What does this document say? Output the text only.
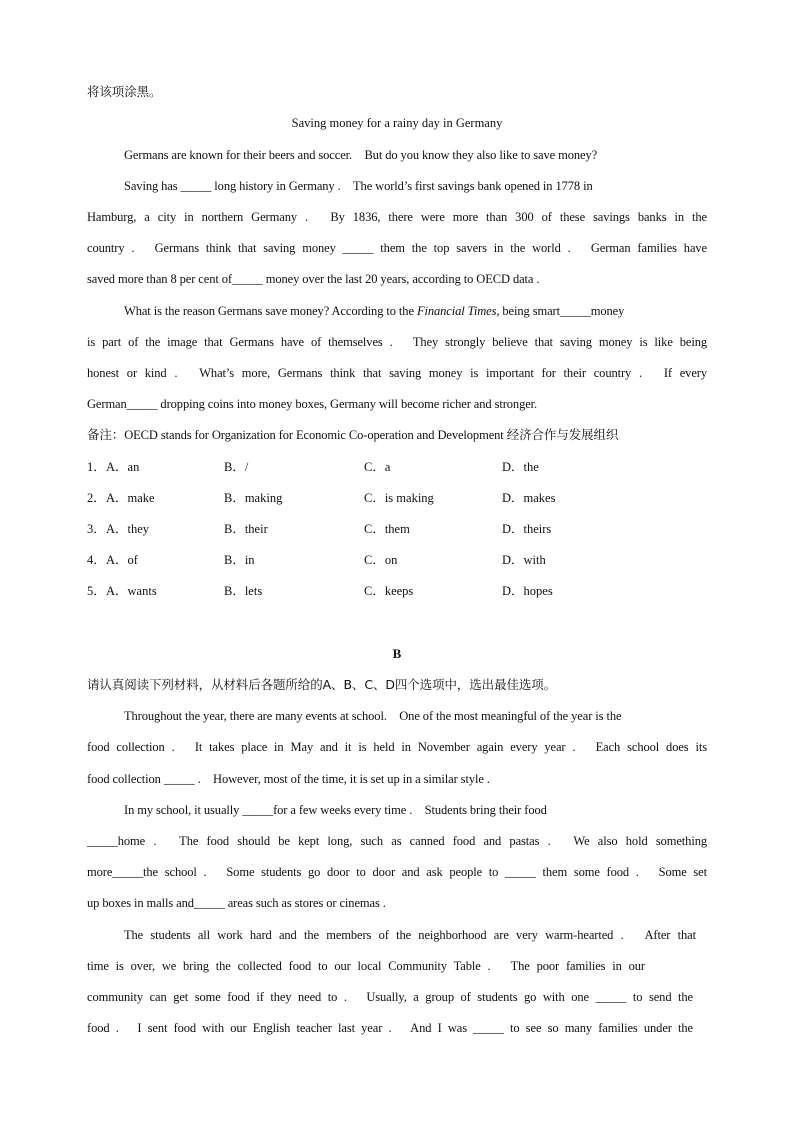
将该项涂黑。
Saving money for a rainy day in Germany
Germans are known for their beers and soccer.　But do you know they also like to save money?
Saving has _____ long history in Germany .　The world’s first savings bank opened in 1778 in
Hamburg, a city in northern Germany .　By 1836, there were more than 300 of these savings banks in the
country .　Germans think that saving money _____ them the top savers in the world .　German families have
saved more than 8 per cent of_____ money over the last 20 years, according to OECD data .
What is the reason Germans save money? According to the Financial Times, being smart_____money
is part of the image that Germans have of themselves .　They strongly believe that saving money is like being
honest or kind .　What’s more, Germans think that saving money is important for their country .　If every
German_____ dropping coins into money boxes, Germany will become richer and stronger.
备注：OECD stands for Organization for Economic Co-operation and Development 经济合作与发展组织
1． A．an	B．/	C．a	D．the
2． A．make	B．making	C．is making	D．makes
3． A．they	B．their	C．them	D．theirs
4． A．of	B．in	C．on	D．with
5． A．wants	B．lets	C．keeps	D．hopes
B
请认真阅读下列材料，从材料后各题所给的A、B、C、D四个选项中，选出最佳选项。
Throughout the year, there are many events at school.　One of the most meaningful of the year is the
food collection .　It takes place in May and it is held in November again every year .　Each school does its
food collection _____ .　However, most of the time, it is set up in a similar style .
In my school, it usually _____for a few weeks every time .　Students bring their food
_____home .　The food should be kept long, such as canned food and pastas .　We also hold something
more_____the school .　Some students go door to door and ask people to _____ them some food .　Some set
up boxes in malls and_____ areas such as stores or cinemas .
The students all work hard and the members of the neighborhood are very warm-hearted .　After that
time is over, we bring the collected food to our local Community Table .　The poor families in our
community can get some food if they need to .　Usually, a group of students go with one _____ to send the
food .　I sent food with our English teacher last year .　And I was _____ to see so many families under the
